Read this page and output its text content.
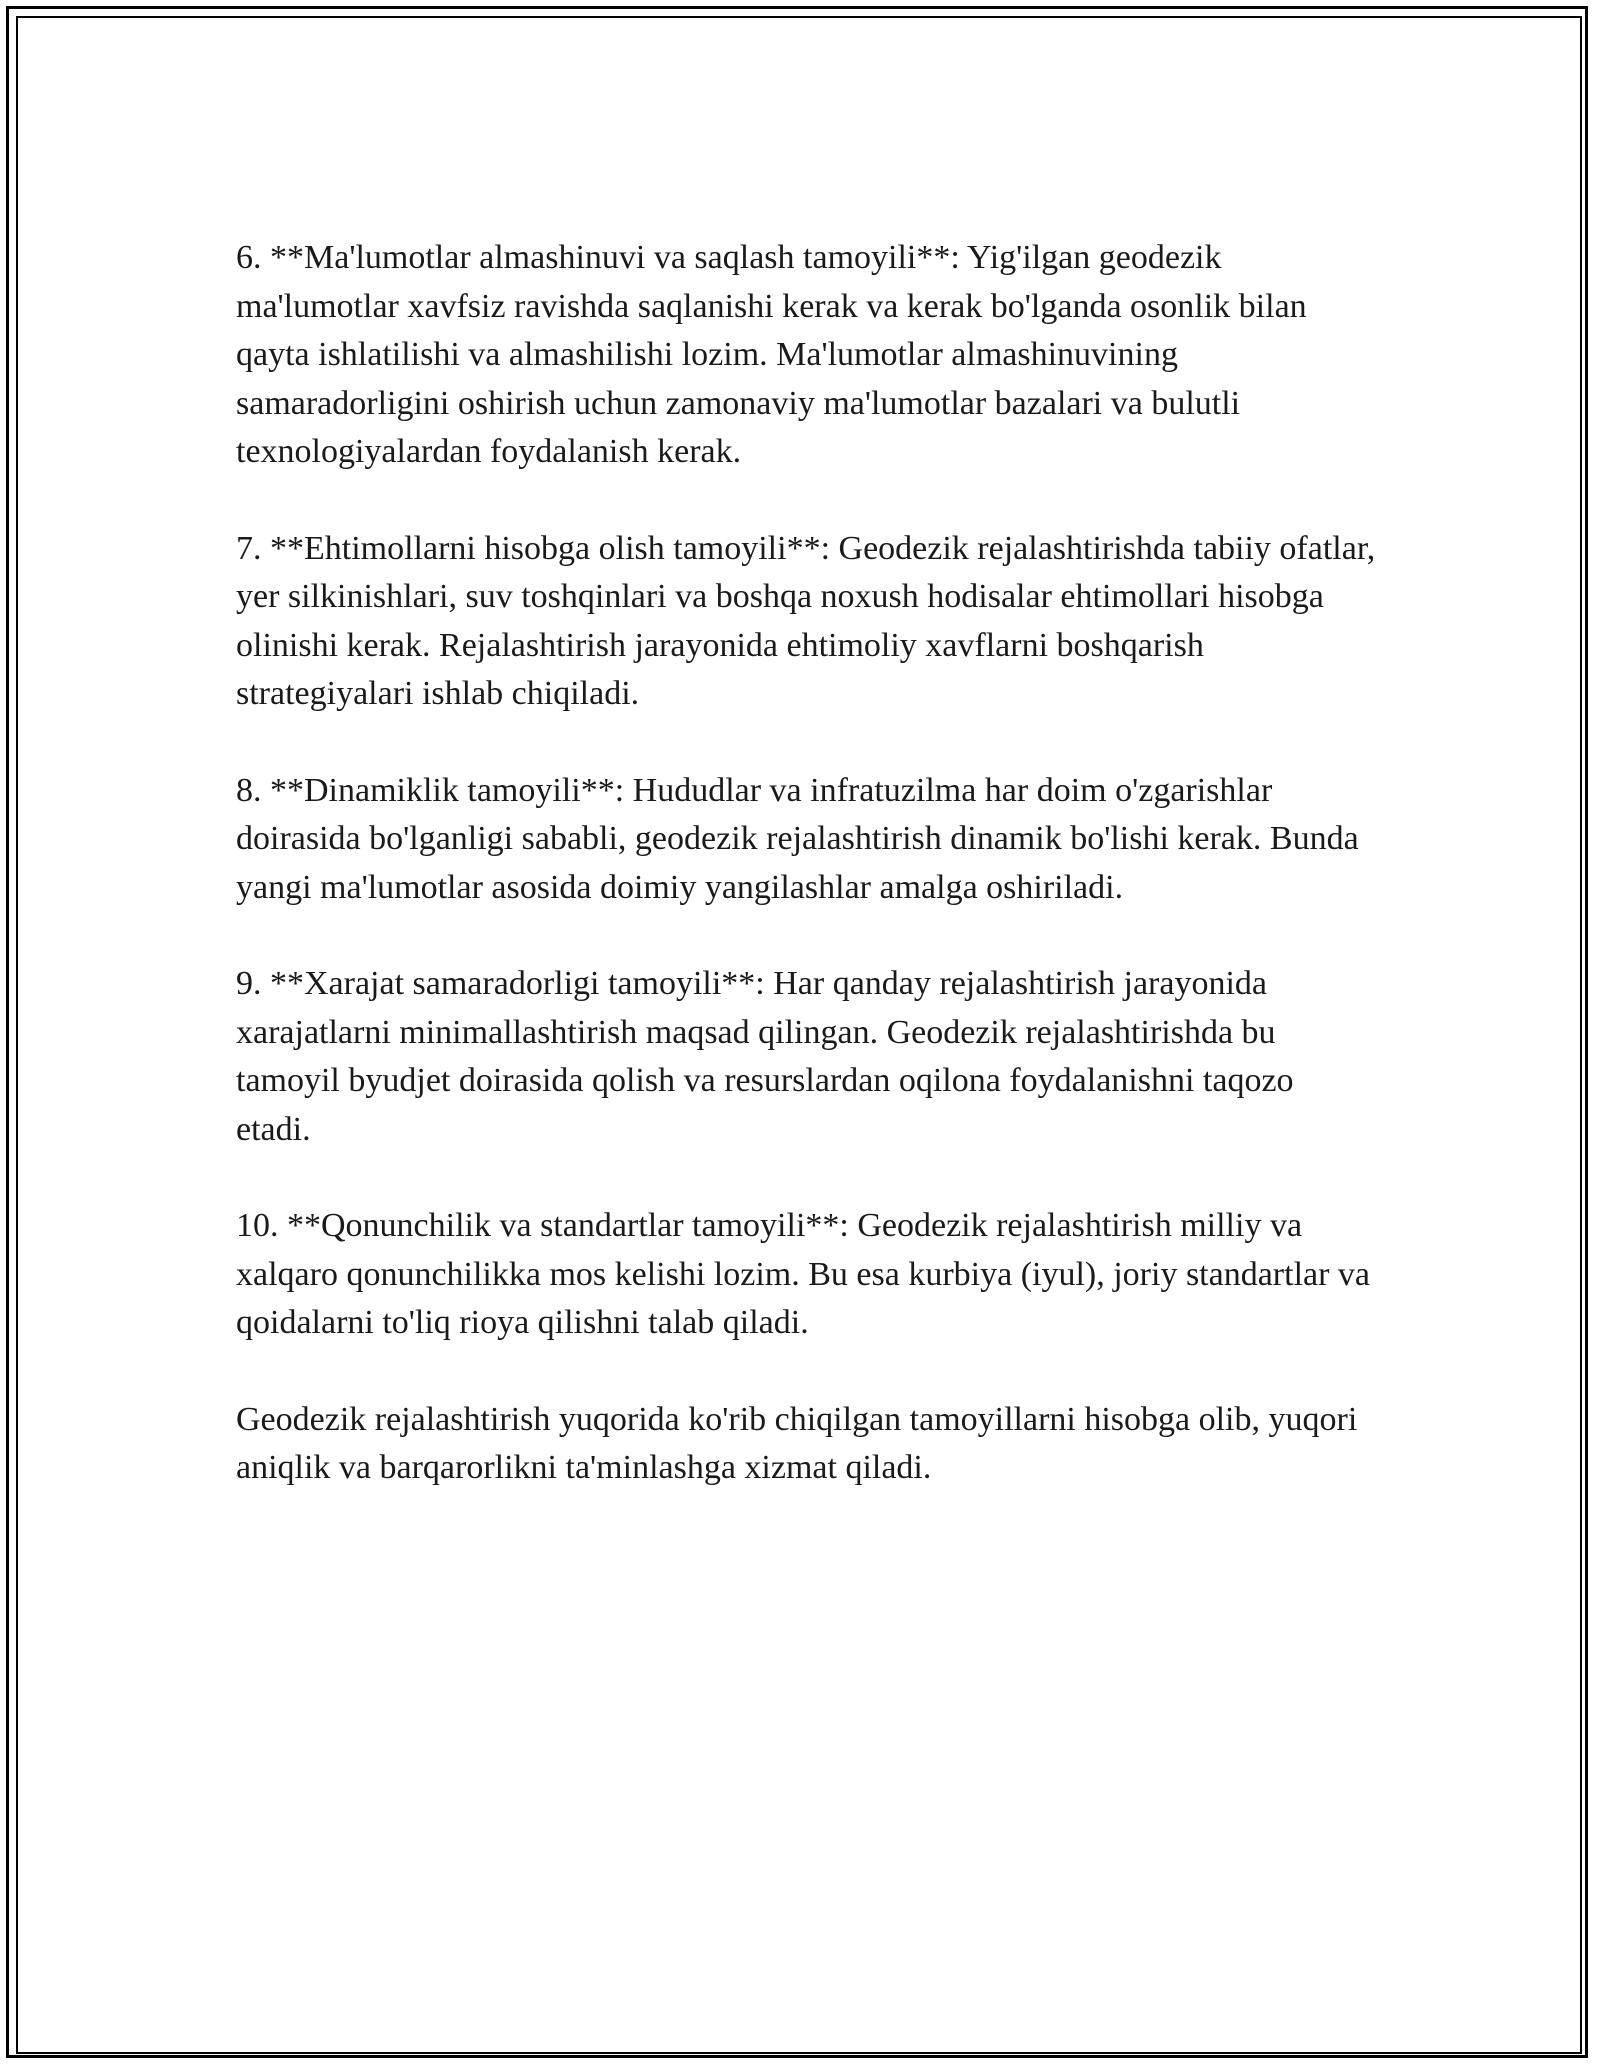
6. **Ma'lumotlar almashinuvi va saqlash tamoyili**: Yig'ilgan geodezik ma'lumotlar xavfsiz ravishda saqlanishi kerak va kerak bo'lganda osonlik bilan qayta ishlatilishi va almashilishi lozim. Ma'lumotlar almashinuvining samaradorligini oshirish uchun zamonaviy ma'lumotlar bazalari va bulutli texnologiyalardan foydalanish kerak.

7. **Ehtimollarni hisobga olish tamoyili**: Geodezik rejalashtirishda tabiiy ofatlar, yer silkinishlari, suv toshqinlari va boshqa noxush hodisalar ehtimollari hisobga olinishi kerak. Rejalashtirish jarayonida ehtimoliy xavflarni boshqarish strategiyalari ishlab chiqiladi.

8. **Dinamiklik tamoyili**: Hududlar va infratuzilma har doim o'zgarishlar doirasida bo'lganligi sababli, geodezik rejalashtirish dinamik bo'lishi kerak. Bunda yangi ma'lumotlar asosida doimiy yangilashlar amalga oshiriladi.

9. **Xarajat samaradorligi tamoyili**: Har qanday rejalashtirish jarayonida xarajatlarni minimallashtirish maqsad qilingan. Geodezik rejalashtirishda bu tamoyil byudjet doirasida qolish va resurslardan oqilona foydalanishni taqozo etadi.

10. **Qonunchilik va standartlar tamoyili**: Geodezik rejalashtirish milliy va xalqaro qonunchilikka mos kelishi lozim. Bu esa kurbiya (iyul), joriy standartlar va qoidalarni to'liq rioya qilishni talab qiladi.

Geodezik rejalashtirish yuqorida ko'rib chiqilgan tamoyillarni hisobga olib, yuqori aniqlik va barqarorlikni ta'minlashga xizmat qiladi.
